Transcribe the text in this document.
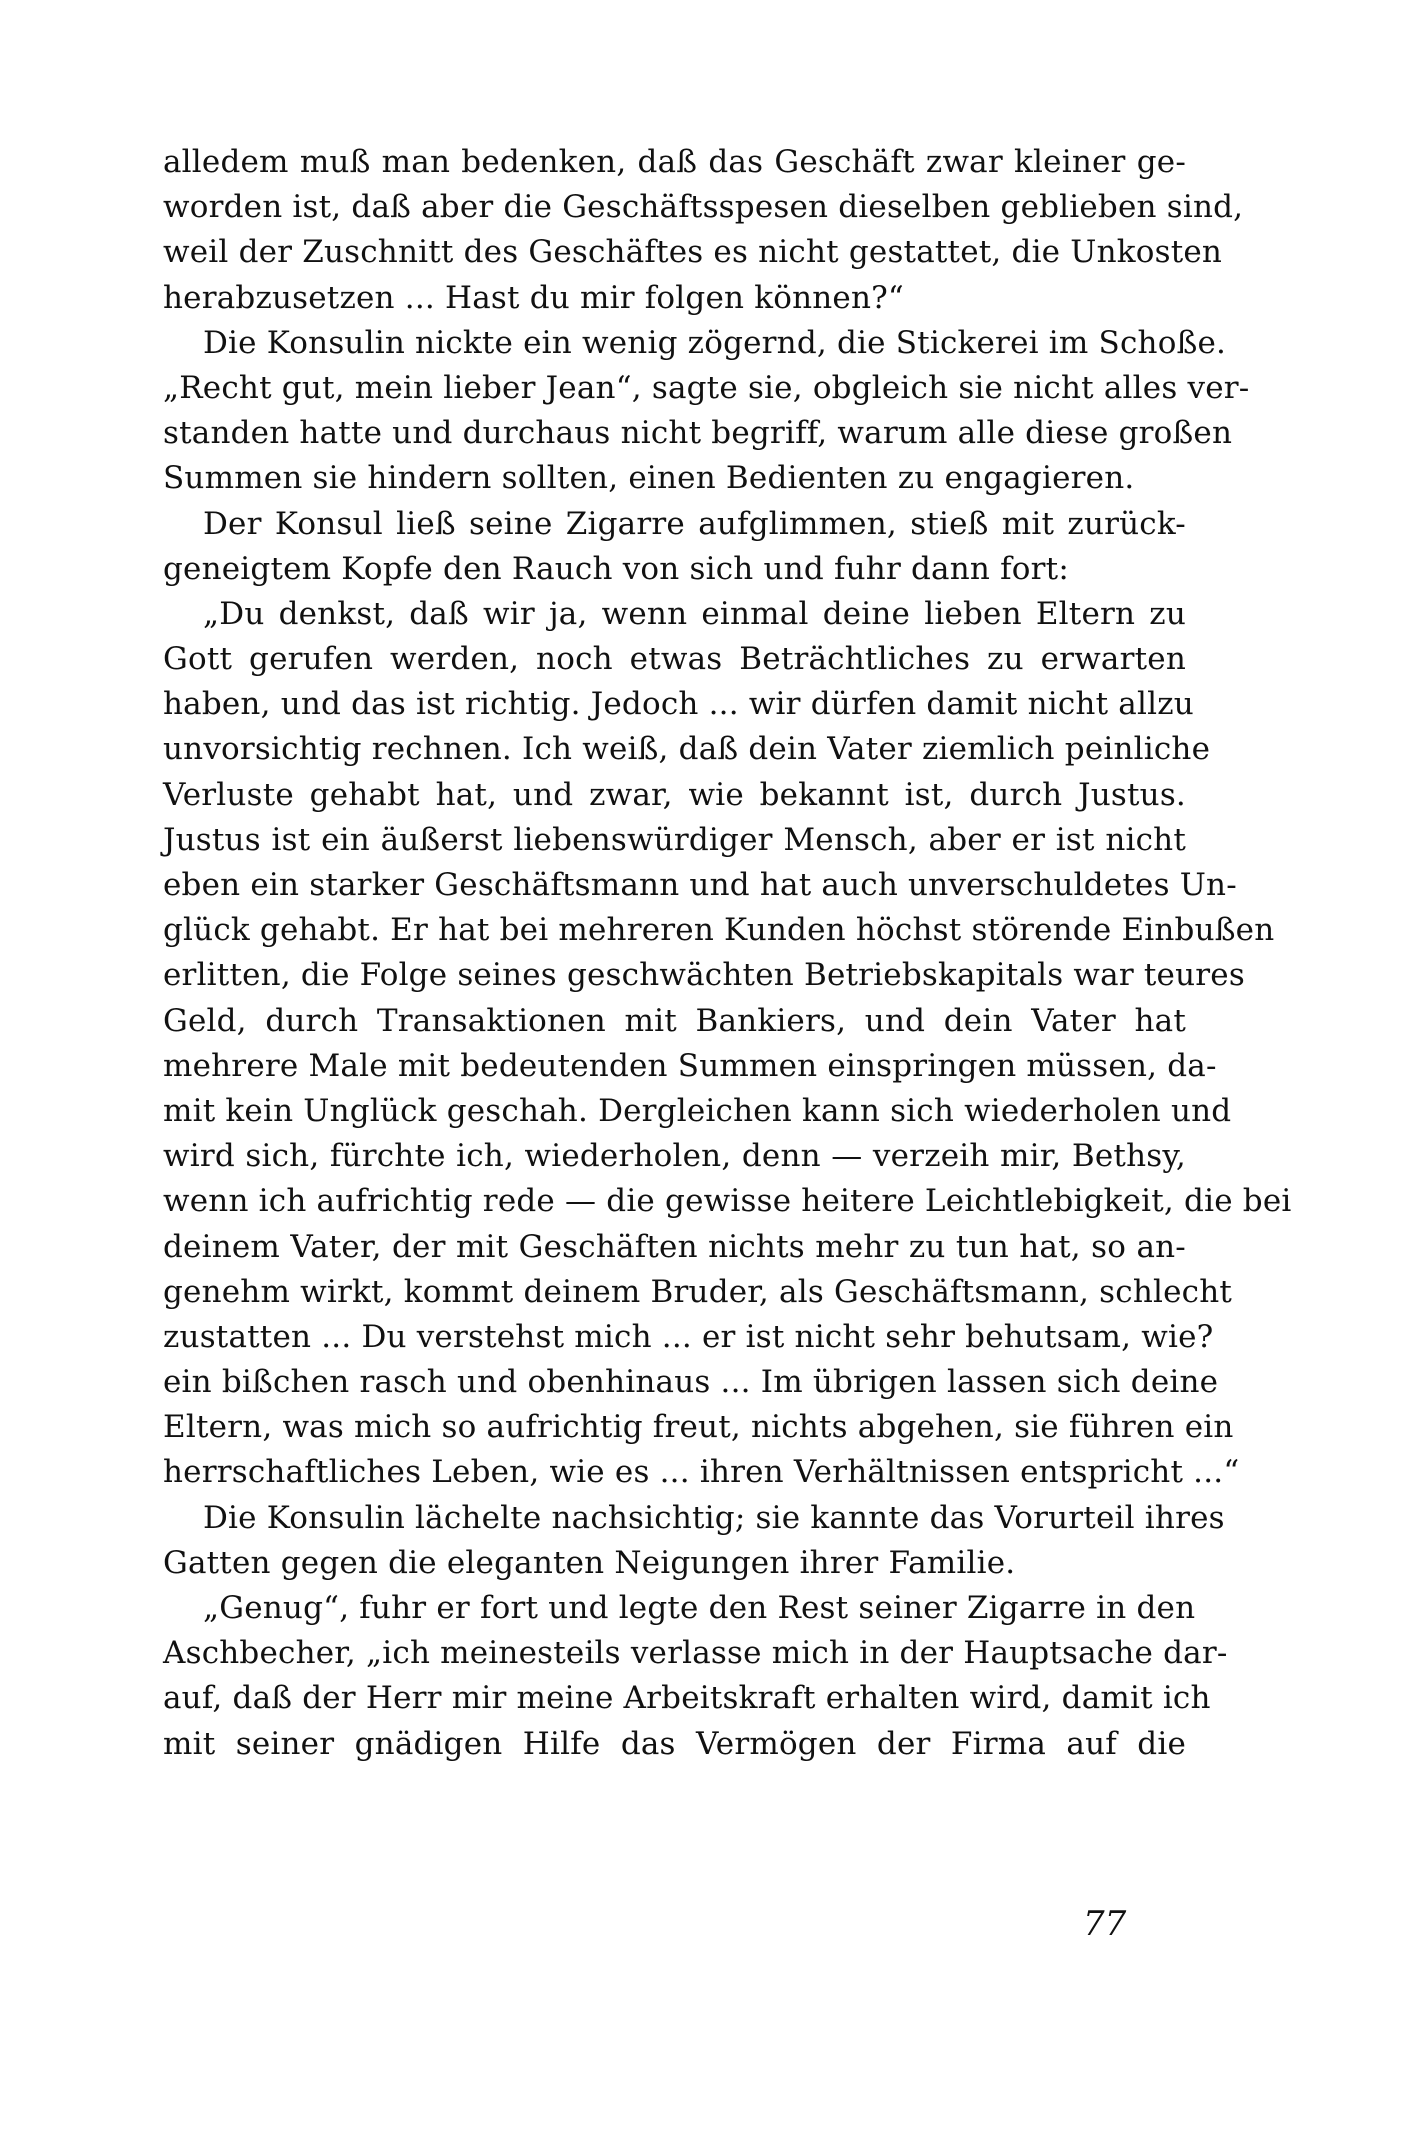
alledem muß man bedenken, daß das Geschäft zwar kleiner ge-
worden ist, daß aber die Geschäftsspesen dieselben geblieben sind,
weil der Zuschnitt des Geschäftes es nicht gestattet, die Unkosten
herabzusetzen ... Hast du mir folgen können?“
Die Konsulin nickte ein wenig zögernd, die Stickerei im Schoße.
„Recht gut, mein lieber Jean“, sagte sie, obgleich sie nicht alles ver-
standen hatte und durchaus nicht begriff, warum alle diese großen
Summen sie hindern sollten, einen Bedienten zu engagieren.
Der Konsul ließ seine Zigarre aufglimmen, stieß mit zurück-
geneigtem Kopfe den Rauch von sich und fuhr dann fort:
„Du denkst, daß wir ja, wenn einmal deine lieben Eltern zu
Gott gerufen werden, noch etwas Beträchtliches zu erwarten
haben, und das ist richtig. Jedoch ... wir dürfen damit nicht allzu
unvorsichtig rechnen. Ich weiß, daß dein Vater ziemlich peinliche
Verluste gehabt hat, und zwar, wie bekannt ist, durch Justus.
Justus ist ein äußerst liebenswürdiger Mensch, aber er ist nicht
eben ein starker Geschäftsmann und hat auch unverschuldetes Un-
glück gehabt. Er hat bei mehreren Kunden höchst störende Einbußen
erlitten, die Folge seines geschwächten Betriebskapitals war teures
Geld, durch Transaktionen mit Bankiers, und dein Vater hat
mehrere Male mit bedeutenden Summen einspringen müssen, da-
mit kein Unglück geschah. Dergleichen kann sich wiederholen und
wird sich, fürchte ich, wiederholen, denn — verzeih mir, Bethsy,
wenn ich aufrichtig rede — die gewisse heitere Leichtlebigkeit, die bei
deinem Vater, der mit Geschäften nichts mehr zu tun hat, so an-
genehm wirkt, kommt deinem Bruder, als Geschäftsmann, schlecht
zustatten ... Du verstehst mich ... er ist nicht sehr behutsam, wie?
ein bißchen rasch und obenhinaus ... Im übrigen lassen sich deine
Eltern, was mich so aufrichtig freut, nichts abgehen, sie führen ein
herrschaftliches Leben, wie es ... ihren Verhältnissen entspricht ...“
Die Konsulin lächelte nachsichtig; sie kannte das Vorurteil ihres
Gatten gegen die eleganten Neigungen ihrer Familie.
„Genug“, fuhr er fort und legte den Rest seiner Zigarre in den
Aschbecher, „ich meinesteils verlasse mich in der Hauptsache dar-
auf, daß der Herr mir meine Arbeitskraft erhalten wird, damit ich
mit seiner gnädigen Hilfe das Vermögen der Firma auf die
77
